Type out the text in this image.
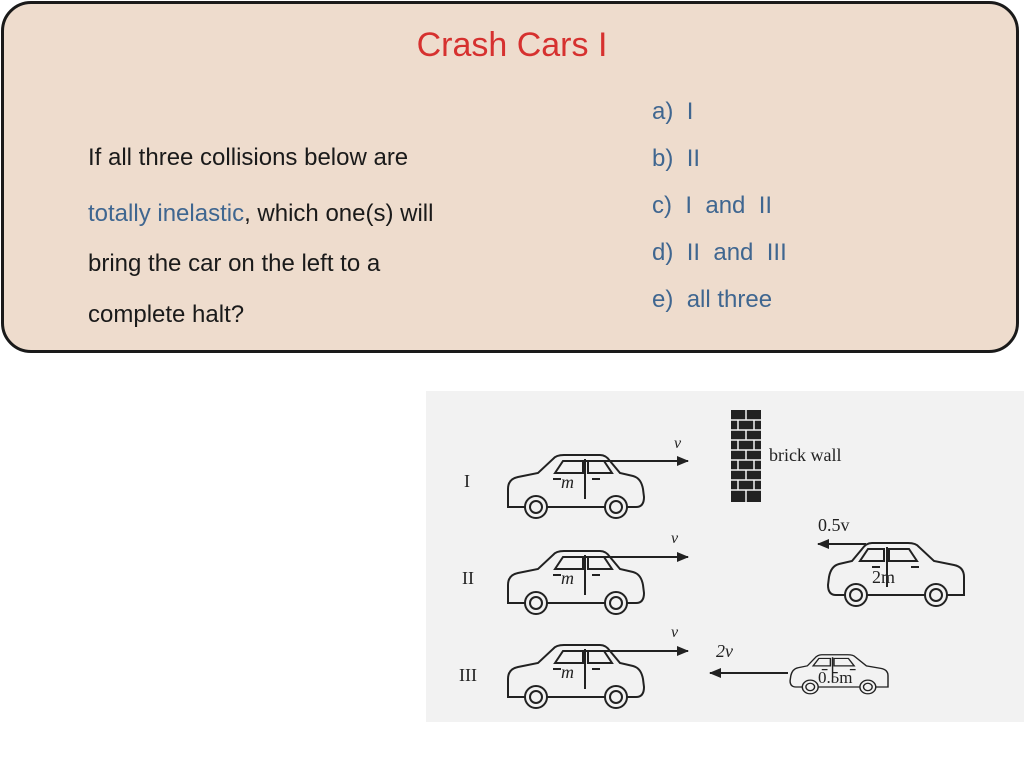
Crash Cars I
If all three collisions below are
totally inelastic, which one(s) will
bring the car on the left to a
complete halt?
a) I
b) II
c) I  and  II
d) II  and  III
e) all three
I	m
v
brick wall
II	m
v
0.5v
2m
III	m
v
2v
0.5m
